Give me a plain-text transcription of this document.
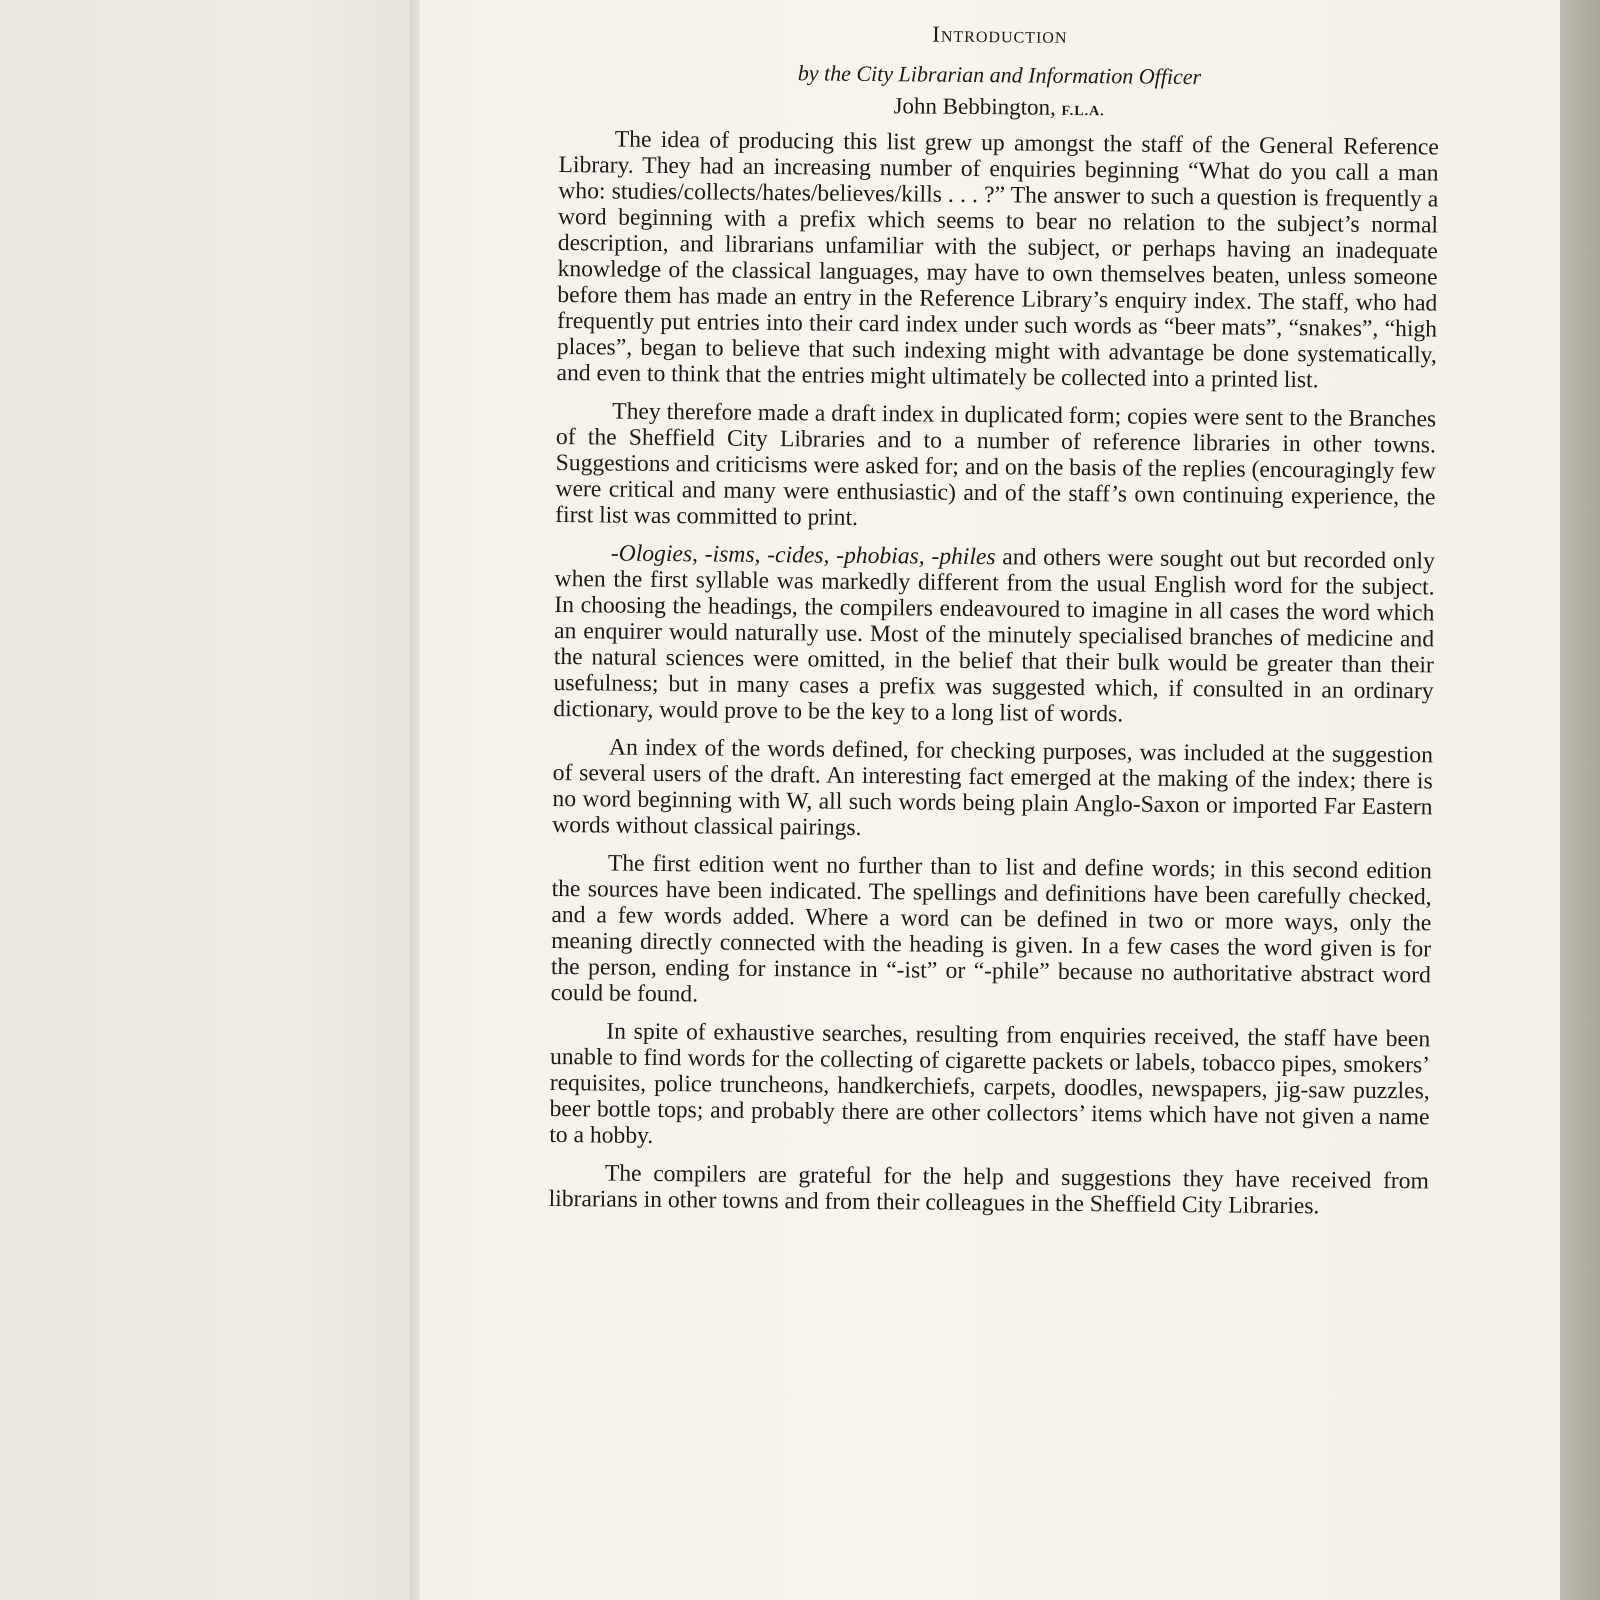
Introduction
by the City Librarian and Information Officer
John Bebbington, F.L.A.

The idea of producing this list grew up amongst the staff of the General Reference Library. They had an increasing number of enquiries beginning “What do you call a man who: studies/collects/hates/believes/kills . . . ?” The answer to such a question is frequently a word beginning with a prefix which seems to bear no relation to the subject’s normal description, and librarians unfamiliar with the subject, or perhaps having an inadequate knowledge of the classical languages, may have to own themselves beaten, unless someone before them has made an entry in the Reference Library’s enquiry index. The staff, who had frequently put entries into their card index under such words as “beer mats”, “snakes”, “high places”, began to believe that such indexing might with advantage be done systematically, and even to think that the entries might ultimately be collected into a printed list.

They therefore made a draft index in duplicated form; copies were sent to the Branches of the Sheffield City Libraries and to a number of reference libraries in other towns. Suggestions and criticisms were asked for; and on the basis of the replies (encouragingly few were critical and many were enthusiastic) and of the staff’s own continuing experience, the first list was committed to print.

-Ologies, -isms, -cides, -phobias, -philes and others were sought out but recorded only when the first syllable was markedly different from the usual English word for the subject. In choosing the headings, the compilers endeavoured to imagine in all cases the word which an enquirer would naturally use. Most of the minutely specialised branches of medicine and the natural sciences were omitted, in the belief that their bulk would be greater than their usefulness; but in many cases a prefix was suggested which, if consulted in an ordinary dictionary, would prove to be the key to a long list of words.

An index of the words defined, for checking purposes, was included at the suggestion of several users of the draft. An interesting fact emerged at the making of the index; there is no word beginning with W, all such words being plain Anglo-Saxon or imported Far Eastern words without classical pairings.

The first edition went no further than to list and define words; in this second edition the sources have been indicated. The spellings and definitions have been carefully checked, and a few words added. Where a word can be defined in two or more ways, only the meaning directly connected with the heading is given. In a few cases the word given is for the person, ending for instance in “-ist” or “-phile” because no authoritative abstract word could be found.

In spite of exhaustive searches, resulting from enquiries received, the staff have been unable to find words for the collecting of cigarette packets or labels, tobacco pipes, smokers’ requisites, police truncheons, handkerchiefs, carpets, doodles, newspapers, jig-saw puzzles, beer bottle tops; and probably there are other collectors’ items which have not given a name to a hobby.

The compilers are grateful for the help and suggestions they have received from librarians in other towns and from their colleagues in the Sheffield City Libraries.
